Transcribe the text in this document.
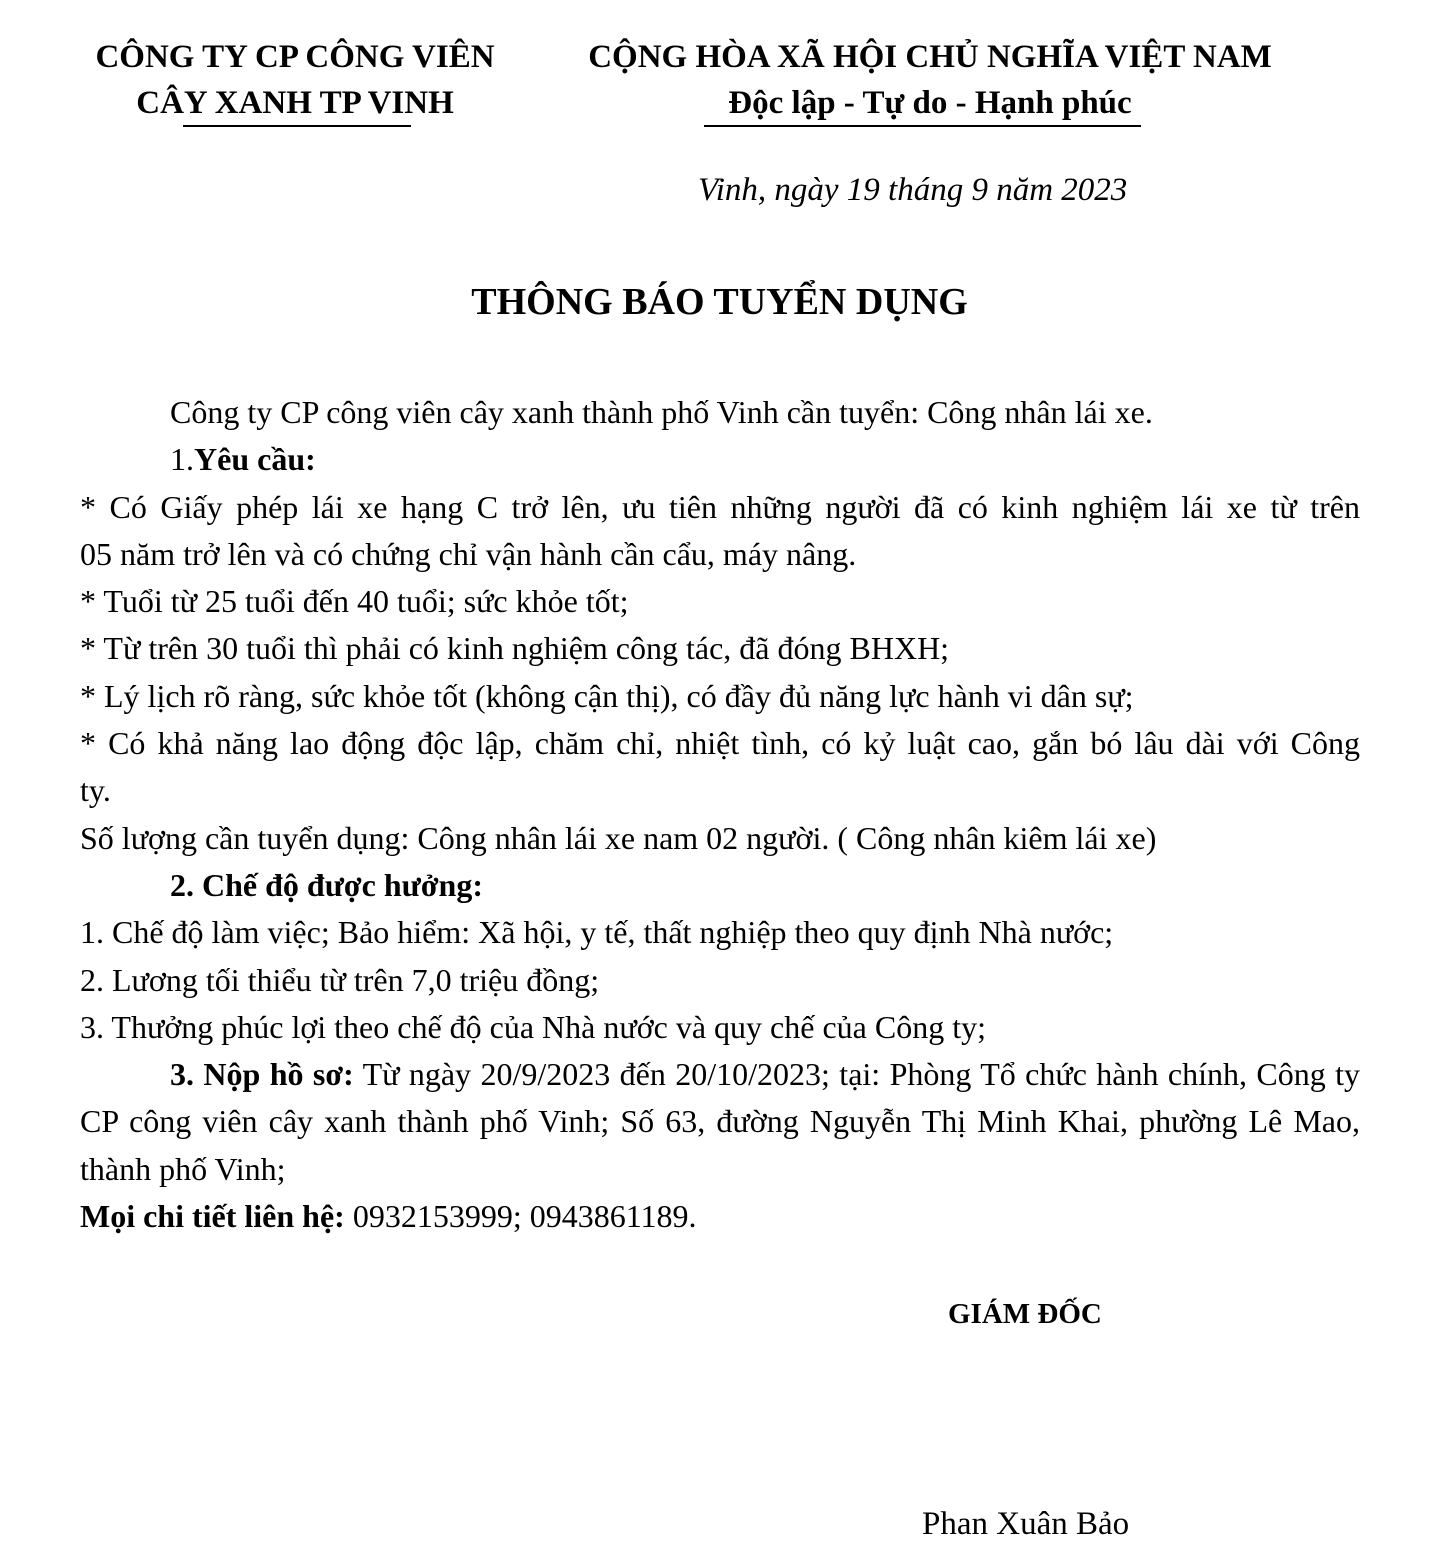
CÔNG TY CP CÔNG VIÊN
CÂY XANH TP VINH
CỘNG HÒA XÃ HỘI CHỦ NGHĨA VIỆT NAM
Độc lập - Tự do - Hạnh phúc
Vinh, ngày 19 tháng 9 năm 2023
THÔNG BÁO TUYỂN DỤNG
Công ty CP công viên cây xanh thành phố Vinh cần tuyển: Công nhân lái xe.
1.Yêu cầu:
* Có Giấy phép lái xe hạng C trở lên, ưu tiên những người đã có kinh nghiệm lái xe từ trên
05 năm trở lên và có chứng chỉ vận hành cần cẩu, máy nâng.
* Tuổi từ 25 tuổi đến 40 tuổi; sức khỏe tốt;
* Từ trên 30 tuổi thì phải có kinh nghiệm công tác, đã đóng BHXH;
* Lý lịch rõ ràng, sức khỏe tốt (không cận thị), có đầy đủ năng lực hành vi dân sự;
* Có khả năng lao động độc lập, chăm chỉ, nhiệt tình, có kỷ luật cao, gắn bó lâu dài với Công
ty.
Số lượng cần tuyển dụng: Công nhân lái xe nam 02 người. ( Công nhân kiêm lái xe)
2. Chế độ được hưởng:
1. Chế độ làm việc; Bảo hiểm: Xã hội, y tế, thất nghiệp theo quy định Nhà nước;
2. Lương tối thiểu từ trên 7,0 triệu đồng;
3. Thưởng phúc lợi theo chế độ của Nhà nước và quy chế của Công ty;
3. Nộp hồ sơ: Từ ngày 20/9/2023 đến 20/10/2023; tại: Phòng Tổ chức hành chính, Công ty CP công viên cây xanh thành phố Vinh; Số 63, đường Nguyễn Thị Minh Khai, phường Lê Mao, thành phố Vinh;
Mọi chi tiết liên hệ: 0932153999; 0943861189.
GIÁM ĐỐC
Phan Xuân Bảo
